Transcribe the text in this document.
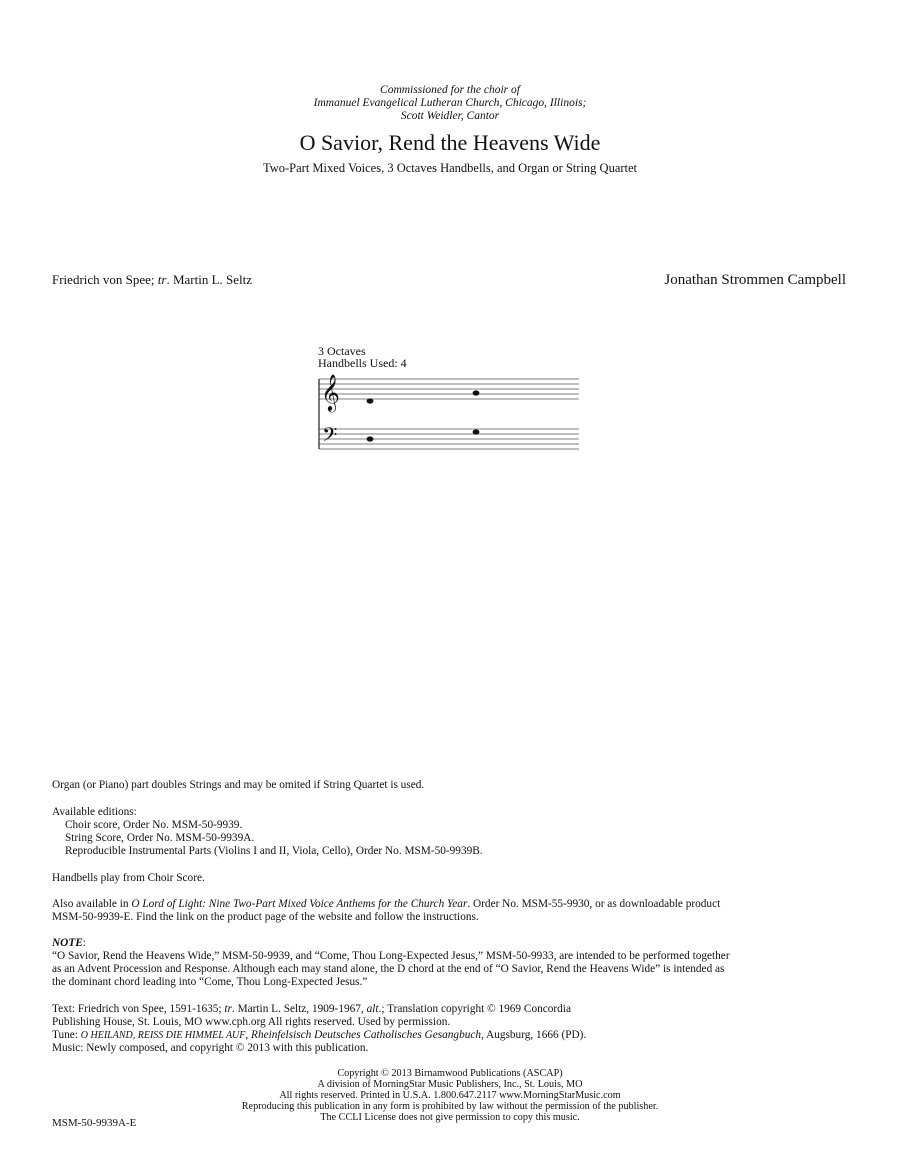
Commissioned for the choir of
Immanuel Evangelical Lutheran Church, Chicago, Illinois;
Scott Weidler, Cantor
O Savior, Rend the Heavens Wide
Two-Part Mixed Voices, 3 Octaves Handbells, and Organ or String Quartet
Friedrich von Spee; tr. Martin L. Seltz	Jonathan Strommen Campbell
3 Octaves
Handbells Used: 4
𝄞
𝄢
Organ (or Piano) part doubles Strings and may be omited if String Quartet is used.
Available editions:
Choir score, Order No. MSM-50-9939.
String Score, Order No. MSM-50-9939A.
Reproducible Instrumental Parts (Violins I and II, Viola, Cello), Order No. MSM-50-9939B.
Handbells play from Choir Score.
Also available in O Lord of Light: Nine Two-Part Mixed Voice Anthems for the Church Year. Order No. MSM-55-9930, or as downloadable product
MSM-50-9939-E. Find the link on the product page of the website and follow the instructions.
NOTE:
“O Savior, Rend the Heavens Wide,” MSM-50-9939, and “Come, Thou Long-Expected Jesus,” MSM-50-9933, are intended to be performed together
as an Advent Procession and Response. Although each may stand alone, the D chord at the end of “O Savior, Rend the Heavens Wide” is intended as
the dominant chord leading into “Come, Thou Long-Expected Jesus.”
Text: Friedrich von Spee, 1591-1635; tr. Martin L. Seltz, 1909-1967, alt.; Translation copyright © 1969 Concordia
Publishing House, St. Louis, MO www.cph.org All rights reserved. Used by permission.
Tune: O HEILAND, REISS DIE HIMMEL AUF, Rheinfelsisch Deutsches Catholisches Gesangbuch, Augsburg, 1666 (PD).
Music: Newly composed, and copyright © 2013 with this publication.
Copyright © 2013 Birnamwood Publications (ASCAP)
A division of MorningStar Music Publishers, Inc., St. Louis, MO
All rights reserved. Printed in U.S.A. 1.800.647.2117 www.MorningStarMusic.com
Reproducing this publication in any form is prohibited by law without the permission of the publisher.
The CCLI License does not give permission to copy this music.
MSM-50-9939A-E
